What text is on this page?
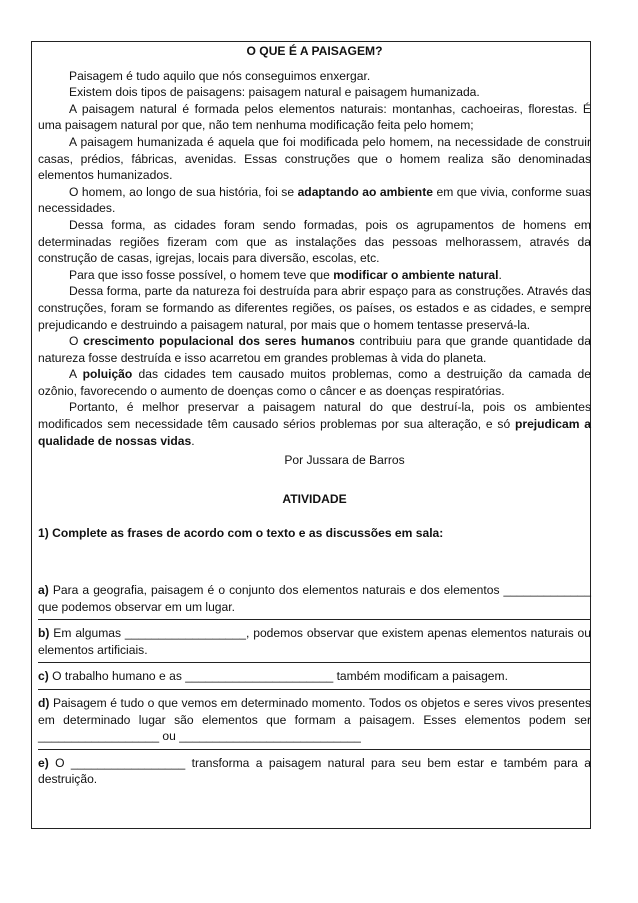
O QUE É A PAISAGEM?

Paisagem é tudo aquilo que nós conseguimos enxergar.

Existem dois tipos de paisagens: paisagem natural e paisagem humanizada.

A paisagem natural é formada pelos elementos naturais: montanhas, cachoeiras, florestas. É uma paisagem natural por que, não tem nenhuma modificação feita pelo homem;

A paisagem humanizada é aquela que foi modificada pelo homem, na necessidade de construir casas, prédios, fábricas, avenidas. Essas construções que o homem realiza são denominadas elementos humanizados.

O homem, ao longo de sua história, foi se adaptando ao ambiente em que vivia, conforme suas necessidades.

Dessa forma, as cidades foram sendo formadas, pois os agrupamentos de homens em determinadas regiões fizeram com que as instalações das pessoas melhorassem, através da construção de casas, igrejas, locais para diversão, escolas, etc.

Para que isso fosse possível, o homem teve que modificar o ambiente natural.

Dessa forma, parte da natureza foi destruída para abrir espaço para as construções. Através das construções, foram se formando as diferentes regiões, os países, os estados e as cidades, e sempre prejudicando e destruindo a paisagem natural, por mais que o homem tentasse preservá-la.

O crescimento populacional dos seres humanos contribuiu para que grande quantidade da natureza fosse destruída e isso acarretou em grandes problemas à vida do planeta.

A poluição das cidades tem causado muitos problemas, como a destruição da camada de ozônio, favorecendo o aumento de doenças como o câncer e as doenças respiratórias.

Portanto, é melhor preservar a paisagem natural do que destruí-la, pois os ambientes modificados sem necessidade têm causado sérios problemas por sua alteração, e só prejudicam a qualidade de nossas vidas.

Por Jussara de Barros

ATIVIDADE

1) Complete as frases de acordo com o texto e as discussões em sala:

a) Para a geografia, paisagem é o conjunto dos elementos naturais e dos elementos _____________ que podemos observar em um lugar.

b) Em algumas __________________, podemos observar que existem apenas elementos naturais ou elementos artificiais.

c) O trabalho humano e as ______________________ também modificam a paisagem.

d) Paisagem é tudo o que vemos em determinado momento. Todos os objetos e seres vivos presentes em determinado lugar são elementos que formam a paisagem. Esses elementos podem ser __________________ ou ___________________________

e) O _________________ transforma a paisagem natural para seu bem estar e também para a destruição.
